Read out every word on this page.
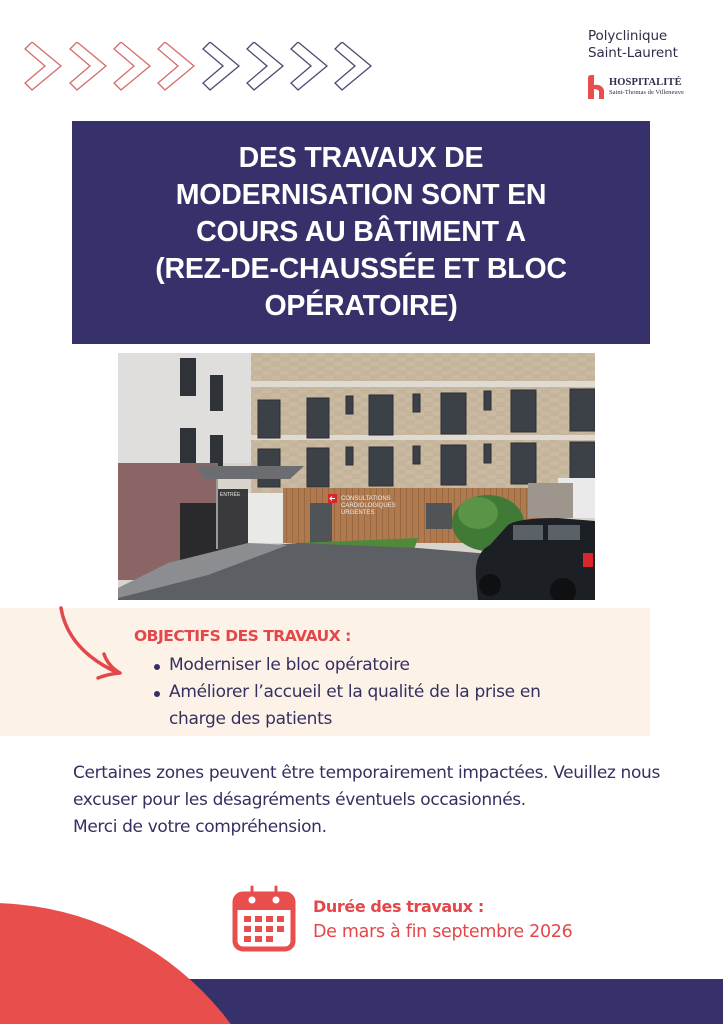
Polyclinique
Saint-Laurent
HOSPITALITÉ
Saint-Thomas de Villeneuve
DES TRAVAUX DE
MODERNISATION SONT EN
COURS AU BÂTIMENT A
(REZ-DE-CHAUSSÉE ET BLOC
OPÉRATOIRE)
ENTRÉE
CONSULTATIONS
CARDIOLOGIQUES
URGENTES
OBJECTIFS DES TRAVAUX :
Moderniser le bloc opératoire
Améliorer l’accueil et la qualité de la prise en charge des patients

Certaines zones peuvent être temporairement impactées. Veuillez nous excuser pour les désagréments éventuels occasionnés.

Merci de votre compréhension.

Durée des travaux :
De mars à fin septembre 2026
